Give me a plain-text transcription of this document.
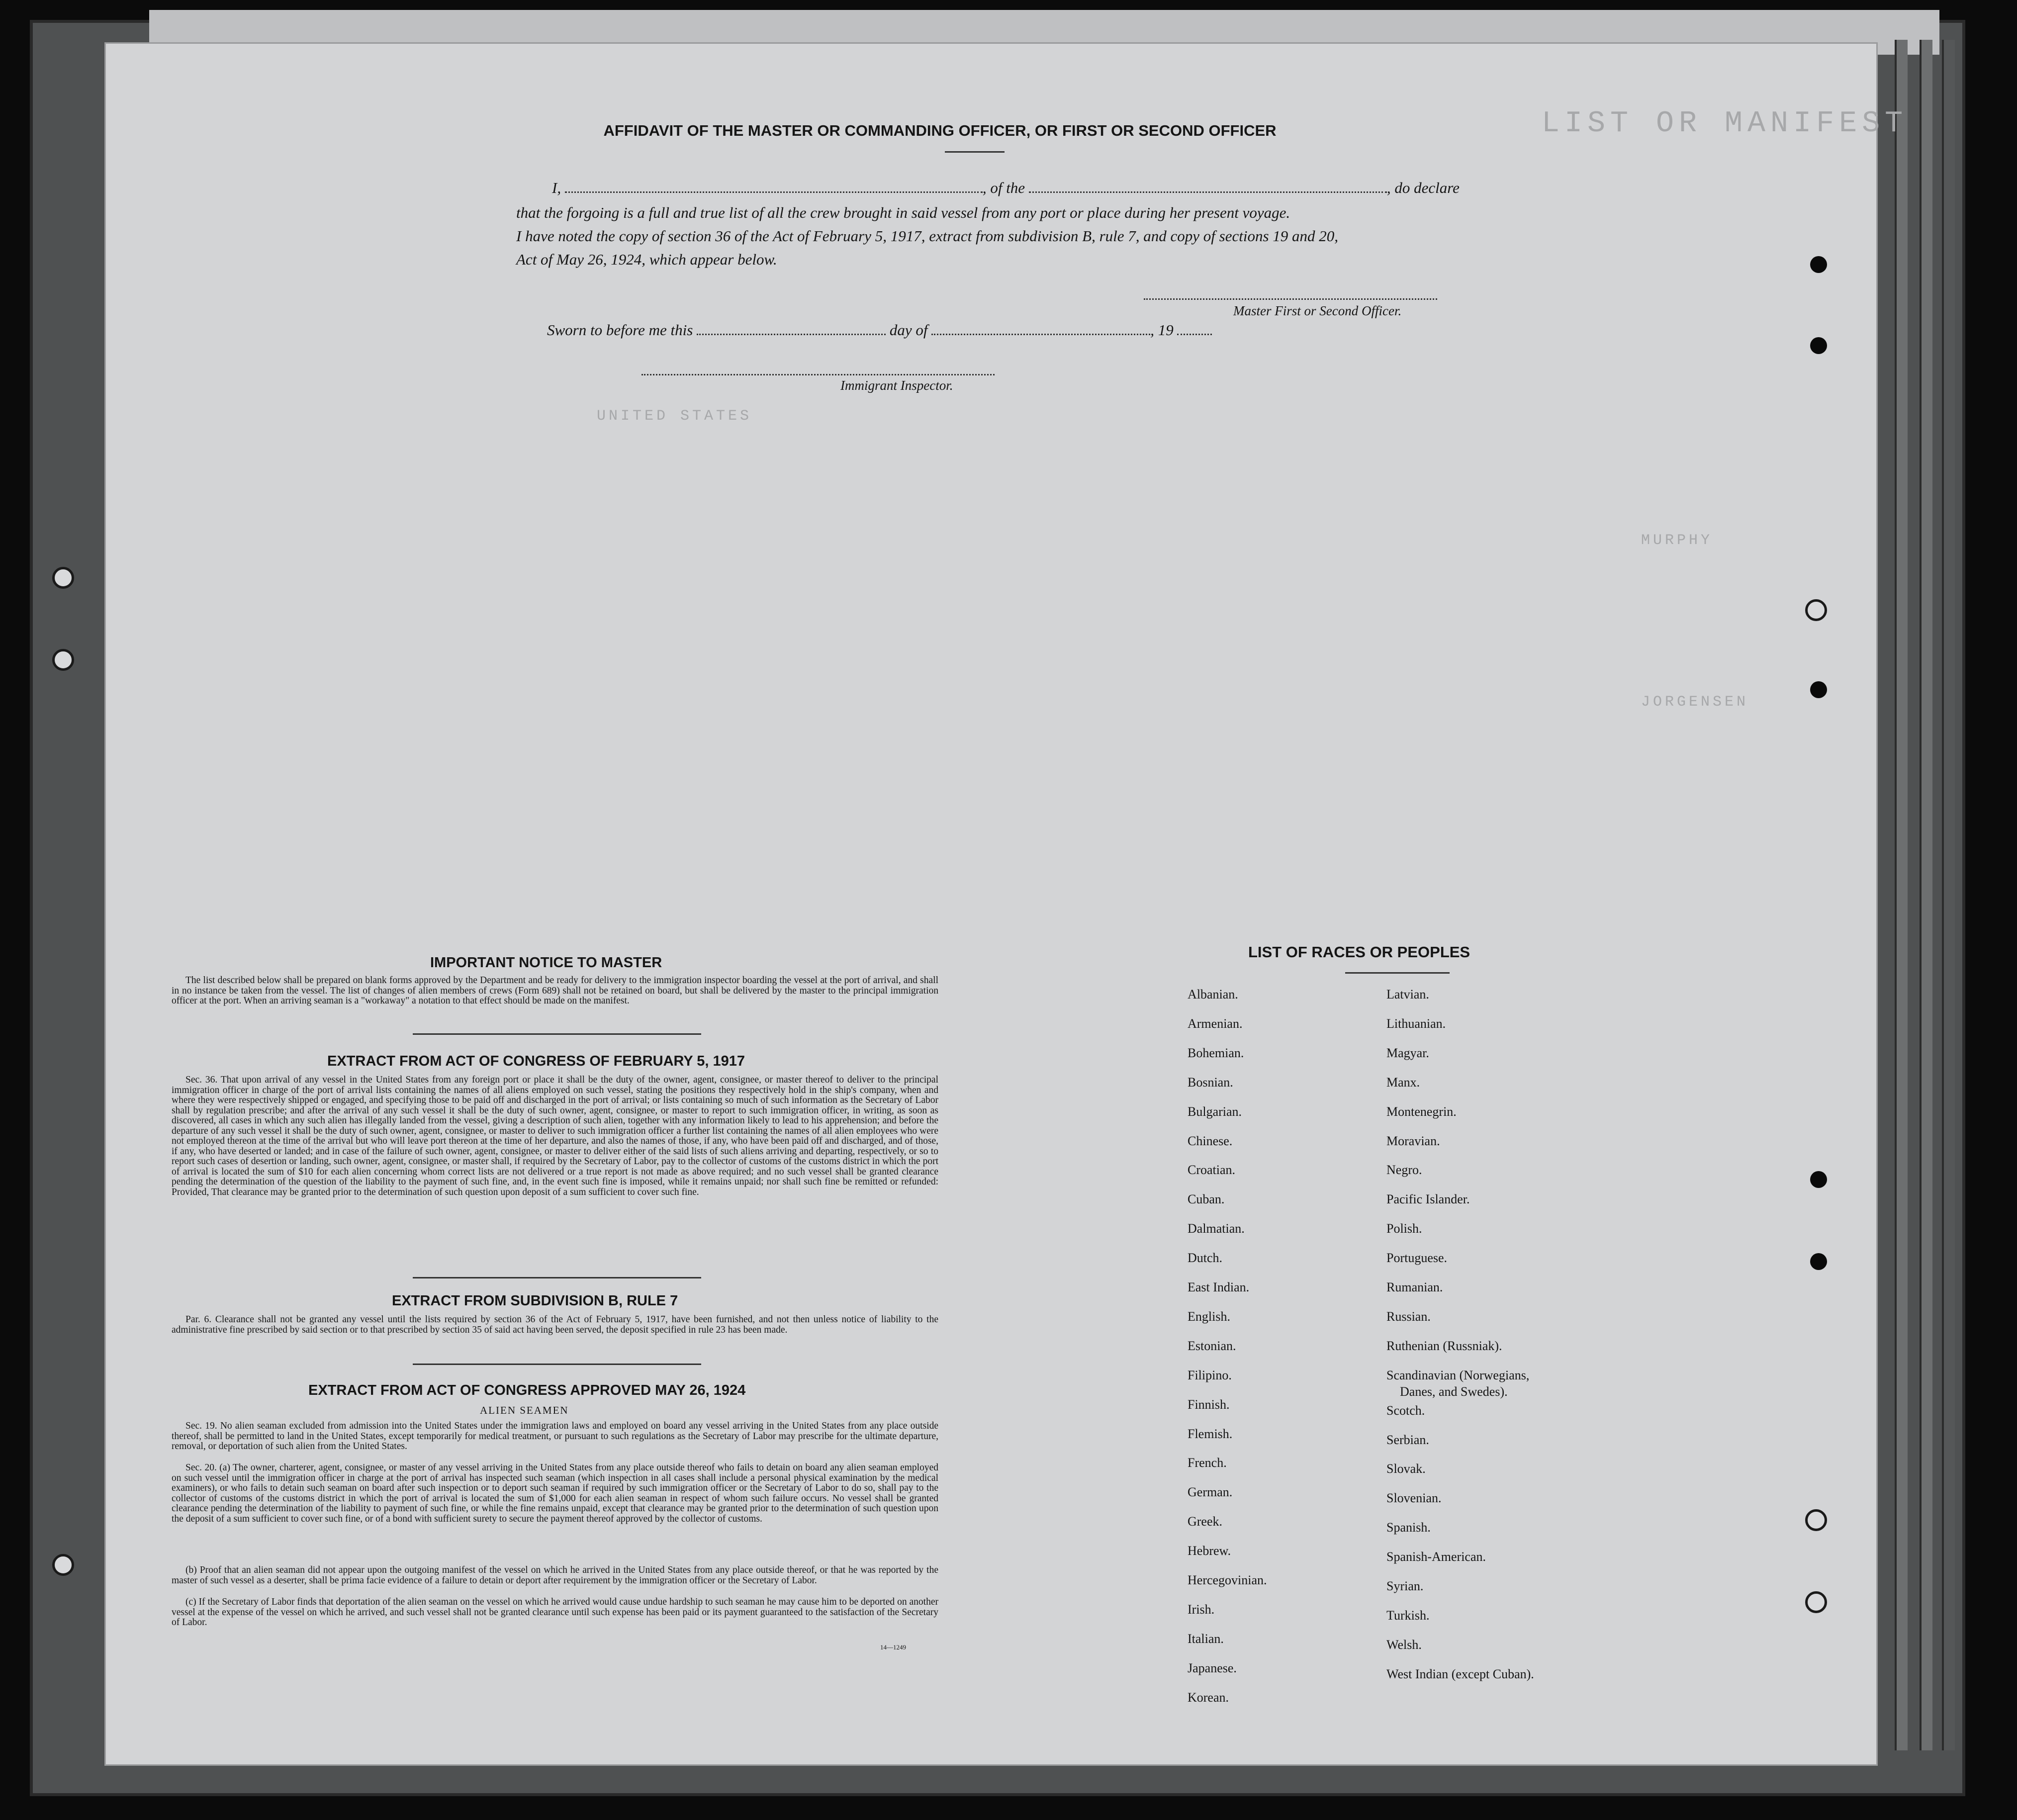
LIST OR MANIFEST
UNITED STATES
MURPHY
JORGENSEN
AFFIDAVIT OF THE MASTER OR COMMANDING OFFICER, OR FIRST OR SECOND OFFICER
I,	, of the	, do declare
that the forgoing is a full and true list of all the crew brought in said vessel from any port or place during her present voyage.
I have noted the copy of section 36 of the Act of February 5, 1917, extract from subdivision B, rule 7, and copy of sections 19 and 20,
Act of May 26, 1924, which appear below.
Master First or Second Officer.
Sworn to before me this	day of	, 19
Immigrant Inspector.
IMPORTANT NOTICE TO MASTER
The list described below shall be prepared on blank forms approved by the Department and be ready for delivery to the immigration inspector boarding the vessel at the port of arrival, and shall in no instance be taken from the vessel. The list of changes of alien members of crews (Form 689) shall not be retained on board, but shall be delivered by the master to the principal immigration officer at the port. When an arriving seaman is a "workaway" a notation to that effect should be made on the manifest.
EXTRACT FROM ACT OF CONGRESS OF FEBRUARY 5, 1917
Sec. 36. That upon arrival of any vessel in the United States from any foreign port or place it shall be the duty of the owner, agent, consignee, or master thereof to deliver to the principal immigration officer in charge of the port of arrival lists containing the names of all aliens employed on such vessel, stating the positions they respectively hold in the ship's company, when and where they were respectively shipped or engaged, and specifying those to be paid off and discharged in the port of arrival; or lists containing so much of such information as the Secretary of Labor shall by regulation prescribe; and after the arrival of any such vessel it shall be the duty of such owner, agent, consignee, or master to report to such immigration officer, in writing, as soon as discovered, all cases in which any such alien has illegally landed from the vessel, giving a description of such alien, together with any information likely to lead to his apprehension; and before the departure of any such vessel it shall be the duty of such owner, agent, consignee, or master to deliver to such immigration officer a further list containing the names of all alien employees who were not employed thereon at the time of the arrival but who will leave port thereon at the time of her departure, and also the names of those, if any, who have been paid off and discharged, and of those, if any, who have deserted or landed; and in case of the failure of such owner, agent, consignee, or master to deliver either of the said lists of such aliens arriving and departing, respectively, or so to report such cases of desertion or landing, such owner, agent, consignee, or master shall, if required by the Secretary of Labor, pay to the collector of customs of the customs district in which the port of arrival is located the sum of $10 for each alien concerning whom correct lists are not delivered or a true report is not made as above required; and no such vessel shall be granted clearance pending the determination of the question of the liability to the payment of such fine, and, in the event such fine is imposed, while it remains unpaid; nor shall such fine be remitted or refunded: Provided, That clearance may be granted prior to the determination of such question upon deposit of a sum sufficient to cover such fine.
EXTRACT FROM SUBDIVISION B, RULE 7
Par. 6. Clearance shall not be granted any vessel until the lists required by section 36 of the Act of February 5, 1917, have been furnished, and not then unless notice of liability to the administrative fine prescribed by said section or to that prescribed by section 35 of said act having been served, the deposit specified in rule 23 has been made.
EXTRACT FROM ACT OF CONGRESS APPROVED MAY 26, 1924
ALIEN SEAMEN
Sec. 19. No alien seaman excluded from admission into the United States under the immigration laws and employed on board any vessel arriving in the United States from any place outside thereof, shall be permitted to land in the United States, except temporarily for medical treatment, or pursuant to such regulations as the Secretary of Labor may prescribe for the ultimate departure, removal, or deportation of such alien from the United States.
Sec. 20. (a) The owner, charterer, agent, consignee, or master of any vessel arriving in the United States from any place outside thereof who fails to detain on board any alien seaman employed on such vessel until the immigration officer in charge at the port of arrival has inspected such seaman (which inspection in all cases shall include a personal physical examination by the medical examiners), or who fails to detain such seaman on board after such inspection or to deport such seaman if required by such immigration officer or the Secretary of Labor to do so, shall pay to the collector of customs of the customs district in which the port of arrival is located the sum of $1,000 for each alien seaman in respect of whom such failure occurs. No vessel shall be granted clearance pending the determination of the liability to payment of such fine, or while the fine remains unpaid, except that clearance may be granted prior to the determination of such question upon the deposit of a sum sufficient to cover such fine, or of a bond with sufficient surety to secure the payment thereof approved by the collector of customs.
(b) Proof that an alien seaman did not appear upon the outgoing manifest of the vessel on which he arrived in the United States from any place outside thereof, or that he was reported by the master of such vessel as a deserter, shall be prima facie evidence of a failure to detain or deport after requirement by the immigration officer or the Secretary of Labor.
(c) If the Secretary of Labor finds that deportation of the alien seaman on the vessel on which he arrived would cause undue hardship to such seaman he may cause him to be deported on another vessel at the expense of the vessel on which he arrived, and such vessel shall not be granted clearance until such expense has been paid or its payment guaranteed to the satisfaction of the Secretary of Labor.
14—1249
LIST OF RACES OR PEOPLES
Albanian.
Armenian.
Bohemian.
Bosnian.
Bulgarian.
Chinese.
Croatian.
Cuban.
Dalmatian.
Dutch.
East Indian.
English.
Estonian.
Filipino.
Finnish.
Flemish.
French.
German.
Greek.
Hebrew.
Hercegovinian.
Irish.
Italian.
Japanese.
Korean.
Latvian.
Lithuanian.
Magyar.
Manx.
Montenegrin.
Moravian.
Negro.
Pacific Islander.
Polish.
Portuguese.
Rumanian.
Russian.
Ruthenian (Russniak).
Scandinavian (Norwegians,
Danes, and Swedes).
Scotch.
Serbian.
Slovak.
Slovenian.
Spanish.
Spanish-American.
Syrian.
Turkish.
Welsh.
West Indian (except Cuban).
